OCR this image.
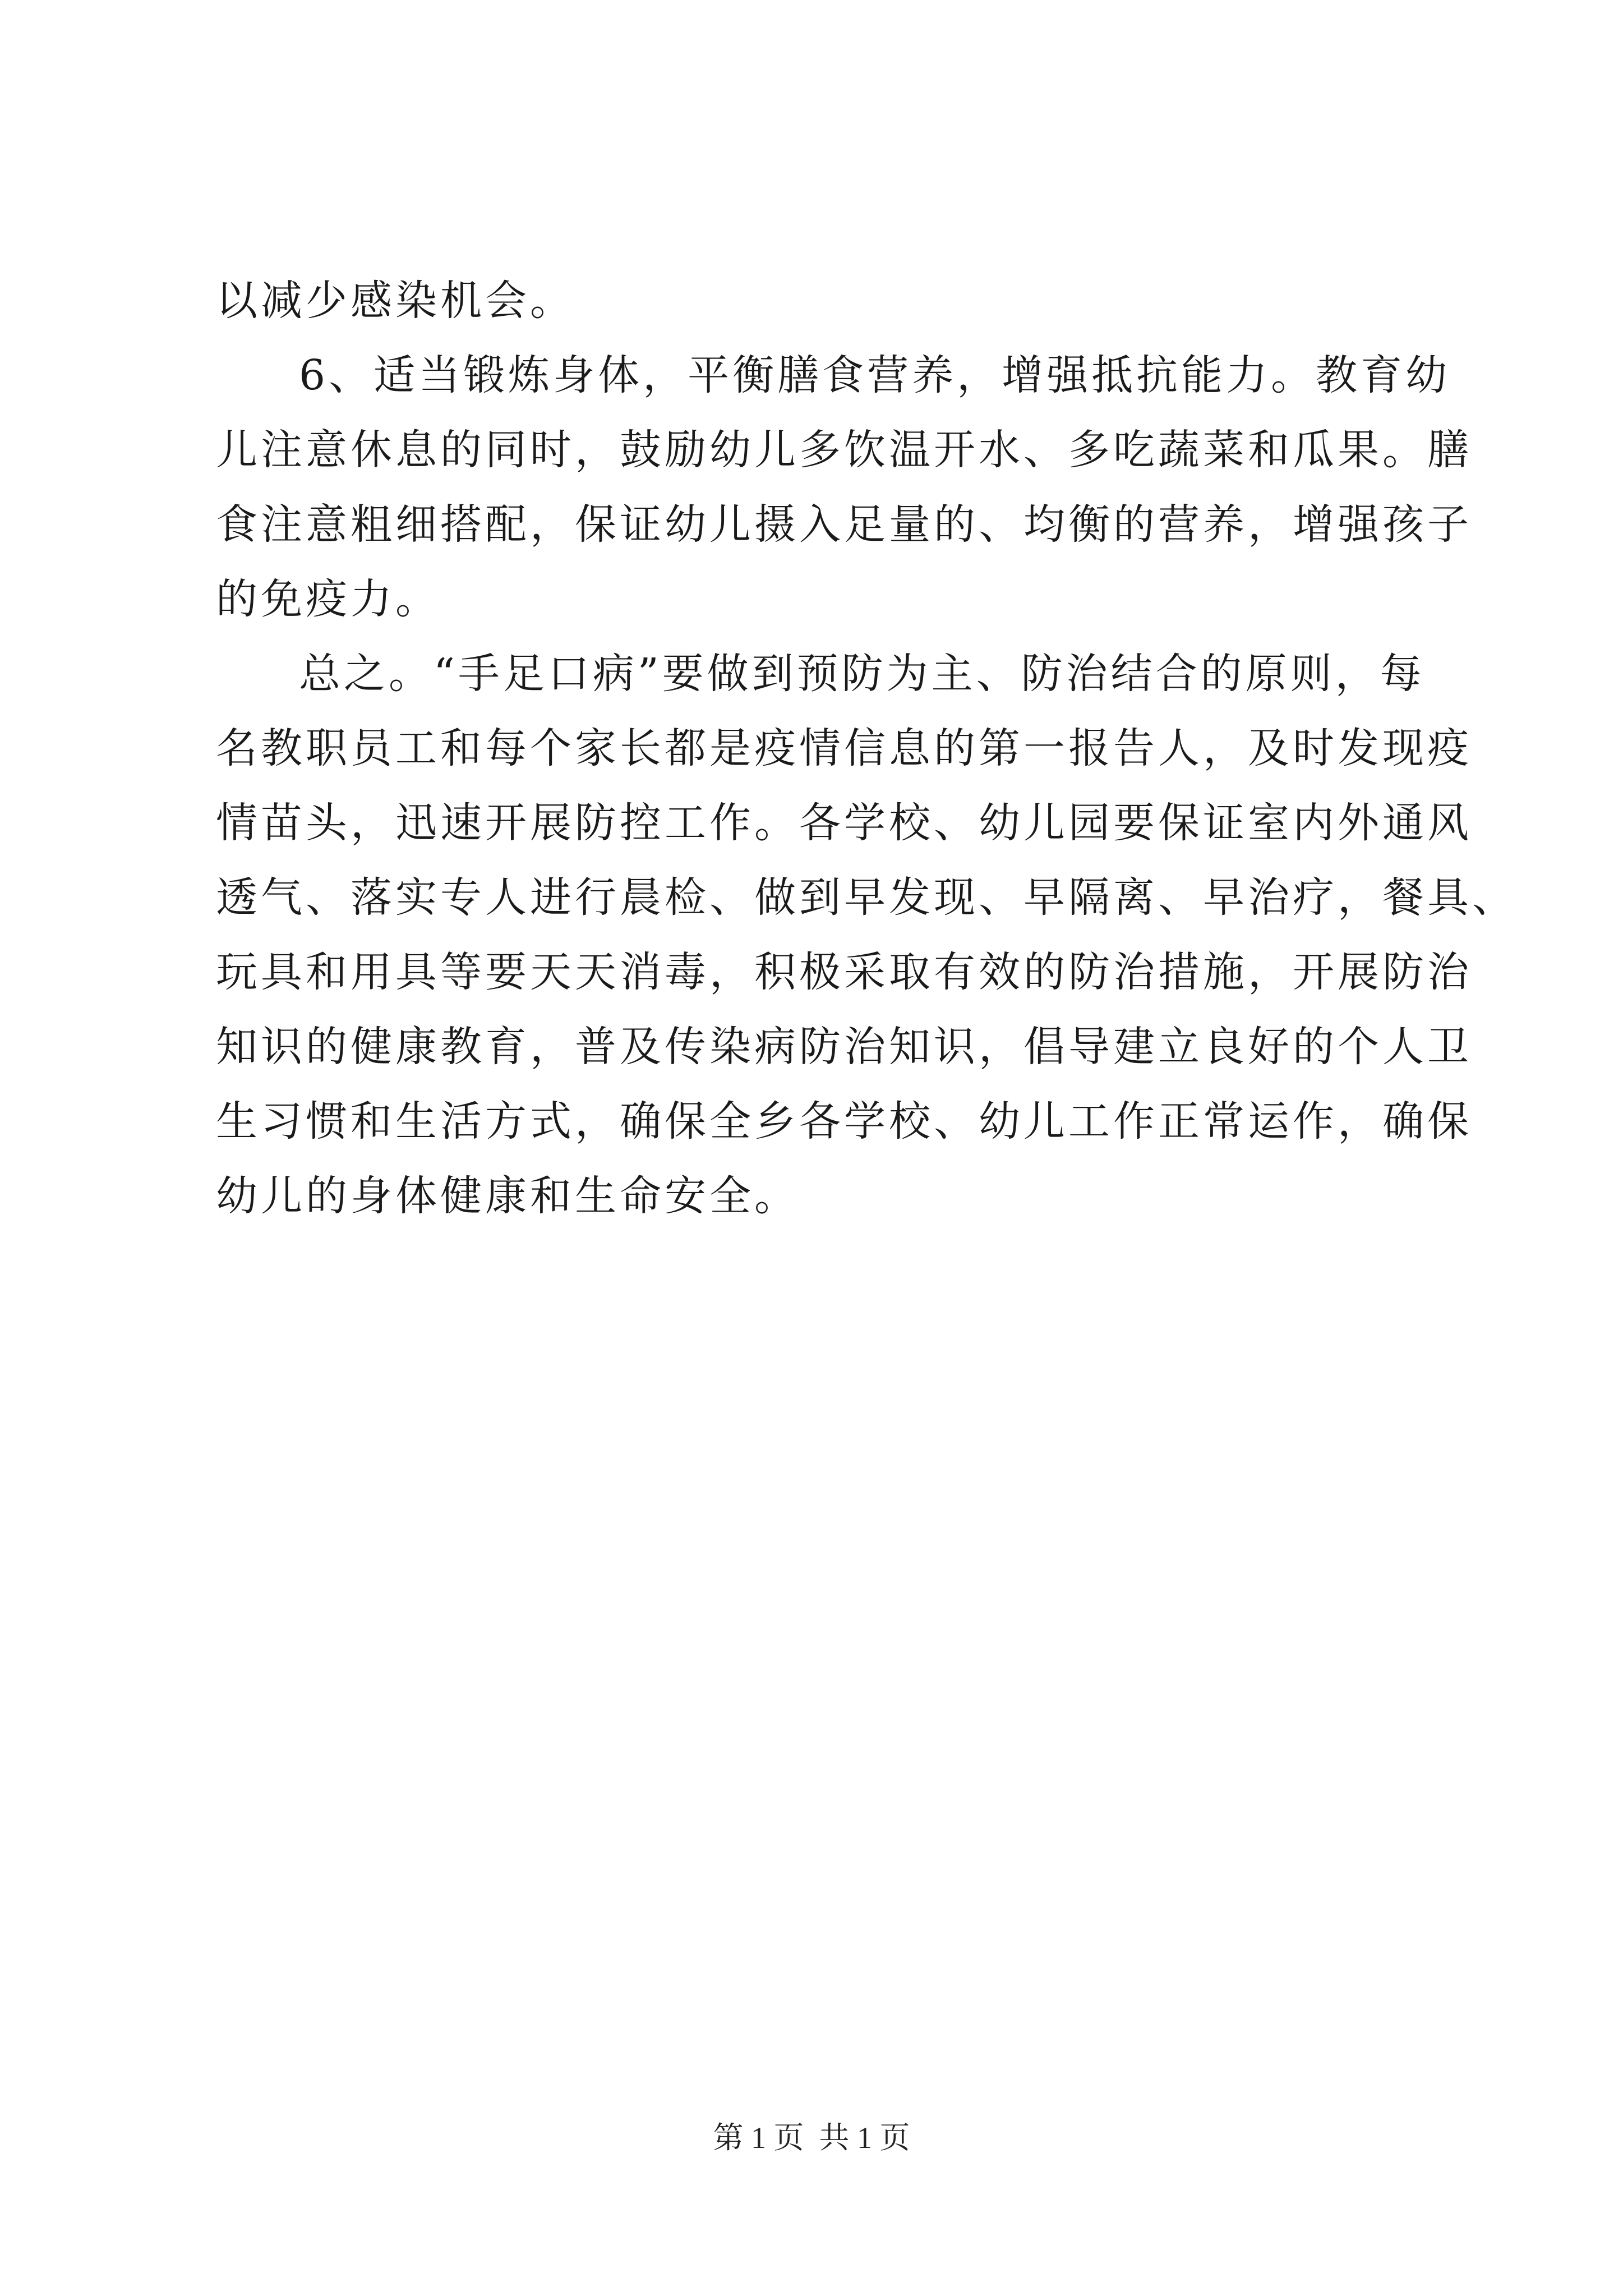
以减少感染机会。
6、适当锻炼身体，平衡膳食营养，增强抵抗能力。教育幼
儿注意休息的同时，鼓励幼儿多饮温开水、多吃蔬菜和瓜果。膳
食注意粗细搭配，保证幼儿摄入足量的、均衡的营养，增强孩子
的免疫力。
总之。“手足口病”要做到预防为主、防治结合的原则，每
名教职员工和每个家长都是疫情信息的第一报告人，及时发现疫
情苗头，迅速开展防控工作。各学校、幼儿园要保证室内外通风
透气、落实专人进行晨检、做到早发现、早隔离、早治疗，餐具、
玩具和用具等要天天消毒，积极采取有效的防治措施，开展防治
知识的健康教育，普及传染病防治知识，倡导建立良好的个人卫
生习惯和生活方式，确保全乡各学校、幼儿工作正常运作，确保
幼儿的身体健康和生命安全。
第 1 页  共 1 页
